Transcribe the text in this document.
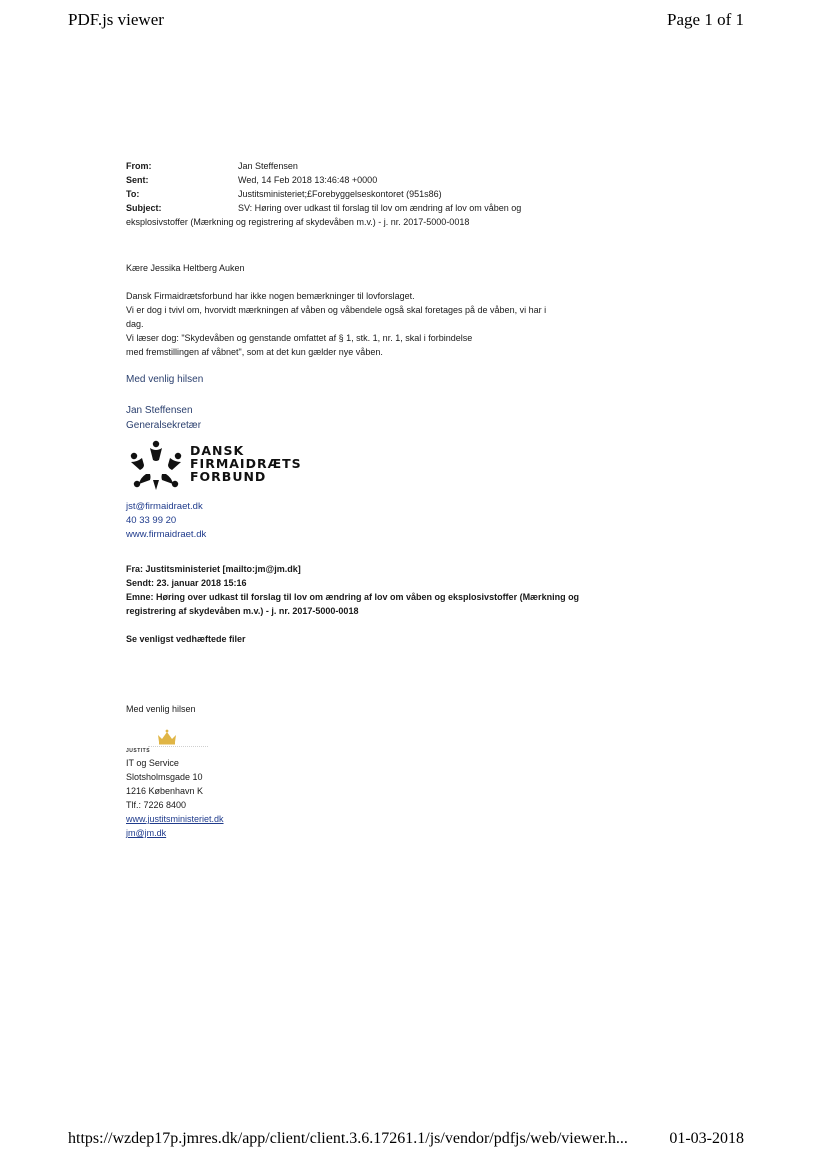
PDF.js viewer	Page 1 of 1
From:	Jan Steffensen
Sent:	Wed, 14 Feb 2018 13:46:48 +0000
To:	Justitsministeriet;£Forebyggelseskontoret (951s86)
Subject:	SV: Høring over udkast til forslag til lov om ændring af lov om våben og
eksplosivstoffer (Mærkning og registrering af skydevåben m.v.) - j. nr. 2017-5000-0018
Kære Jessika Heltberg Auken
Dansk Firmaidrætsforbund har ikke nogen bemærkninger til lovforslaget.
Vi er dog i tvivl om, hvorvidt mærkningen af våben og våbendele også skal foretages på de våben, vi har i
dag.
Vi læser dog: "Skydevåben og genstande omfattet af § 1, stk. 1, nr. 1, skal i forbindelse
med fremstillingen af våbnet", som at det kun gælder nye våben.
Med venlig hilsen
Jan Steffensen
Generalsekretær
DANSK
FIRMAIDRÆTS
FORBUND
jst@firmaidraet.dk
40 33 99 20
www.firmaidraet.dk
Fra: Justitsministeriet [mailto:jm@jm.dk]
Sendt: 23. januar 2018 15:16
Emne: Høring over udkast til forslag til lov om ændring af lov om våben og eksplosivstoffer (Mærkning og
registrering af skydevåben m.v.) - j. nr. 2017-5000-0018
Se venligst vedhæftede filer
Med venlig hilsen
JUSTITS
IT og Service
Slotsholmsgade 10
1216 København K
Tlf.: 7226 8400
www.justitsministeriet.dk
jm@jm.dk
https://wzdep17p.jmres.dk/app/client/client.3.6.17261.1/js/vendor/pdfjs/web/viewer.h...	01-03-2018
